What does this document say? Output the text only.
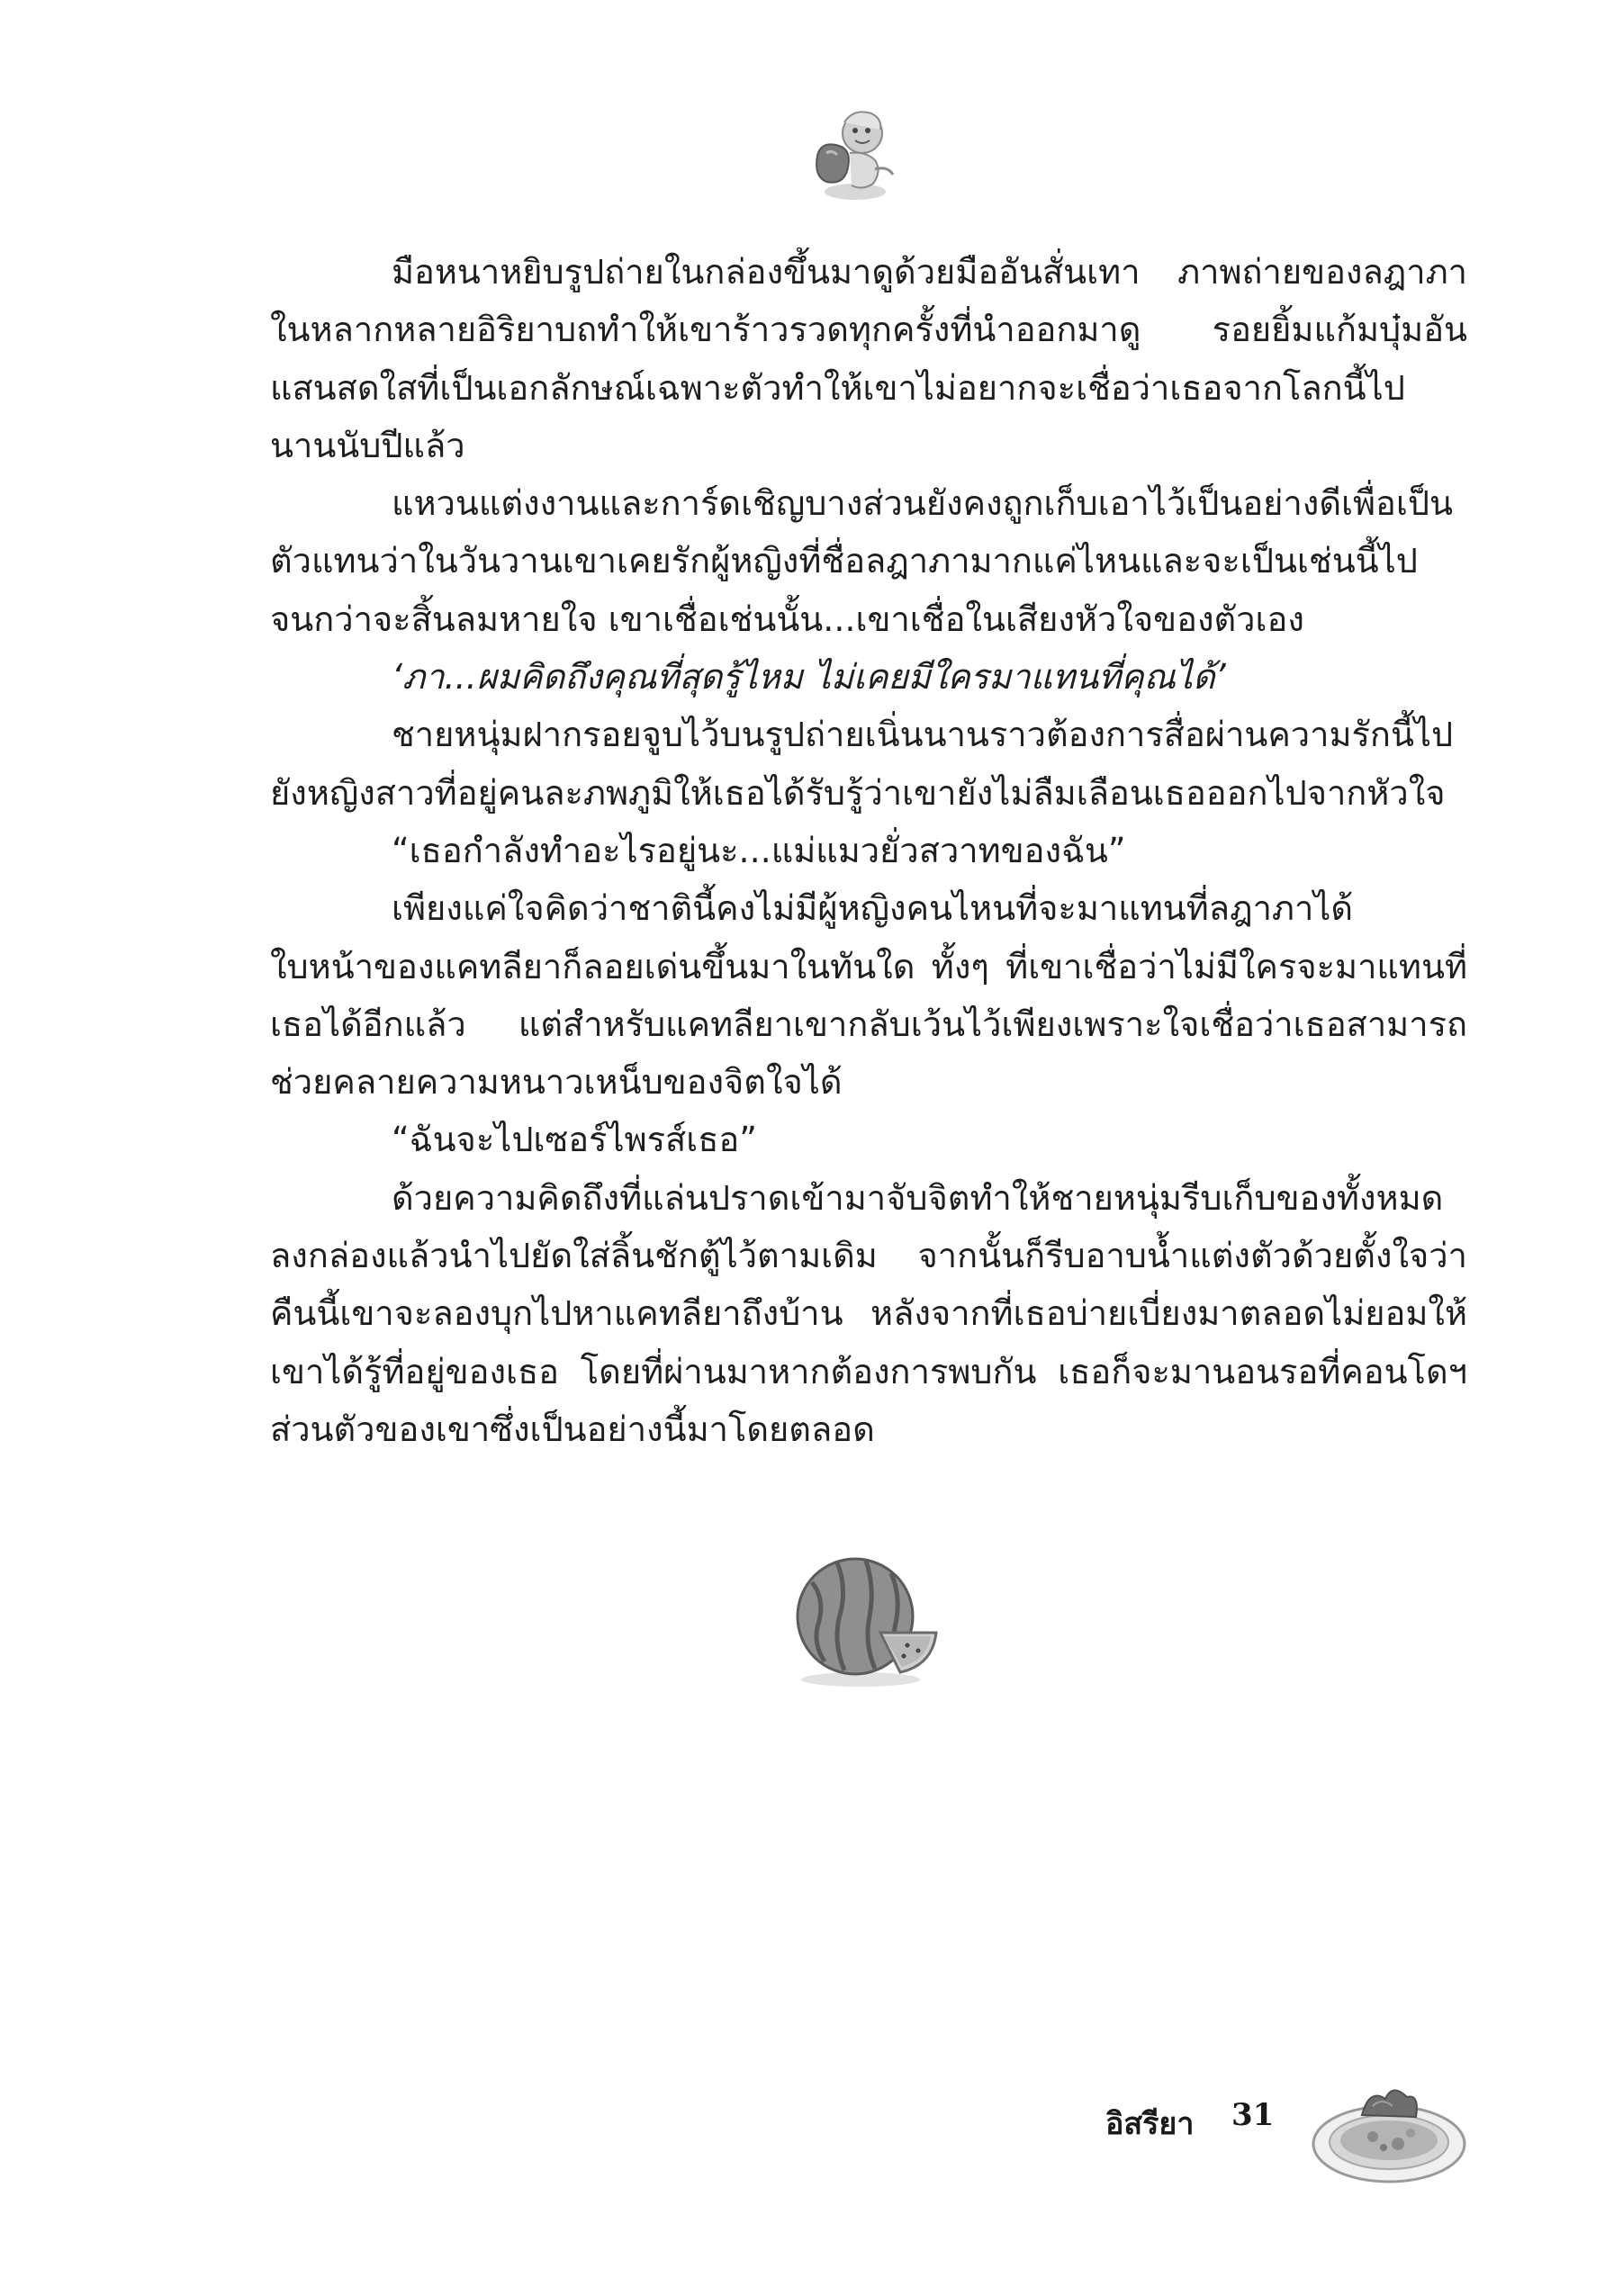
มือหนาหยิบรูปถ่ายในกล่องขึ้นมาดูด้วยมืออันสั่นเทา ภาพถ่ายของลฎาภาในหลากหลายอิริยาบถทำให้เขาร้าวรวดทุกครั้งที่นำออกมาดู รอยยิ้มแก้มบุ๋มอันแสนสดใสที่เป็นเอกลักษณ์เฉพาะตัวทำให้เขาไม่อยากจะเชื่อว่าเธอจากโลกนี้ไปนานนับปีแล้ว

แหวนแต่งงานและการ์ดเชิญบางส่วนยังคงถูกเก็บเอาไว้เป็นอย่างดีเพื่อเป็นตัวแทนว่าในวันวานเขาเคยรักผู้หญิงที่ชื่อลฎาภามากแค่ไหนและจะเป็นเช่นนี้ไปจนกว่าจะสิ้นลมหายใจ เขาเชื่อเช่นนั้น...เขาเชื่อในเสียงหัวใจของตัวเอง

‘ภา...ผมคิดถึงคุณที่สุดรู้ไหม ไม่เคยมีใครมาแทนที่คุณได้’

ชายหนุ่มฝากรอยจูบไว้บนรูปถ่ายเนิ่นนานราวต้องการสื่อผ่านความรักนี้ไปยังหญิงสาวที่อยู่คนละภพภูมิให้เธอได้รับรู้ว่าเขายังไม่ลืมเลือนเธอออกไปจากหัวใจ

“เธอกำลังทำอะไรอยู่นะ...แม่แมวยั่วสวาทของฉัน”

เพียงแค่ใจคิดว่าชาตินี้คงไม่มีผู้หญิงคนไหนที่จะมาแทนที่ลฎาภาได้ ใบหน้าของแคทลียาก็ลอยเด่นขึ้นมาในทันใด ทั้งๆ ที่เขาเชื่อว่าไม่มีใครจะมาแทนที่เธอได้อีกแล้ว แต่สำหรับแคทลียาเขากลับเว้นไว้เพียงเพราะใจเชื่อว่าเธอสามารถช่วยคลายความหนาวเหน็บของจิตใจได้

“ฉันจะไปเซอร์ไพรส์เธอ”

ด้วยความคิดถึงที่แล่นปราดเข้ามาจับจิตทำให้ชายหนุ่มรีบเก็บของทั้งหมดลงกล่องแล้วนำไปยัดใส่ลิ้นชักตู้ไว้ตามเดิม จากนั้นก็รีบอาบน้ำแต่งตัวด้วยตั้งใจว่าคืนนี้เขาจะลองบุกไปหาแคทลียาถึงบ้าน หลังจากที่เธอบ่ายเบี่ยงมาตลอดไม่ยอมให้เขาได้รู้ที่อยู่ของเธอ โดยที่ผ่านมาหากต้องการพบกัน เธอก็จะมานอนรอที่คอนโดฯ ส่วนตัวของเขาซึ่งเป็นอย่างนี้มาโดยตลอด

อิสรียา 31
